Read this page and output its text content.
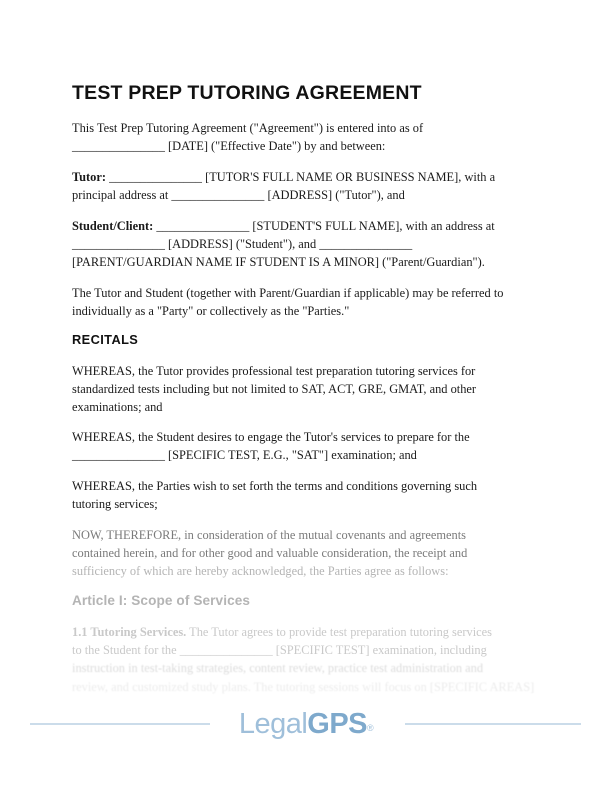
TEST PREP TUTORING AGREEMENT

This Test Prep Tutoring Agreement ("Agreement") is entered into as of
_______________ [DATE] ("Effective Date") by and between:

Tutor: _______________ [TUTOR'S FULL NAME OR BUSINESS NAME], with a
principal address at _______________ [ADDRESS] ("Tutor"), and

Student/Client: _______________ [STUDENT'S FULL NAME], with an address at
_______________ [ADDRESS] ("Student"), and _______________
[PARENT/GUARDIAN NAME IF STUDENT IS A MINOR] ("Parent/Guardian").

The Tutor and Student (together with Parent/Guardian if applicable) may be referred to
individually as a "Party" or collectively as the "Parties."

RECITALS

WHEREAS, the Tutor provides professional test preparation tutoring services for
standardized tests including but not limited to SAT, ACT, GRE, GMAT, and other
examinations; and

WHEREAS, the Student desires to engage the Tutor's services to prepare for the
_______________ [SPECIFIC TEST, E.G., "SAT"] examination; and

WHEREAS, the Parties wish to set forth the terms and conditions governing such
tutoring services;

NOW, THEREFORE, in consideration of the mutual covenants and agreements
contained herein, and for other good and valuable consideration, the receipt and
sufficiency of which are hereby acknowledged, the Parties agree as follows:

Article I: Scope of Services

1.1 Tutoring Services. The Tutor agrees to provide test preparation tutoring services
to the Student for the _______________ [SPECIFIC TEST] examination, including
instruction in test-taking strategies, content review, practice test administration and
review, and customized study plans. The tutoring sessions will focus on [SPECIFIC AREAS]

LegalGPS®
